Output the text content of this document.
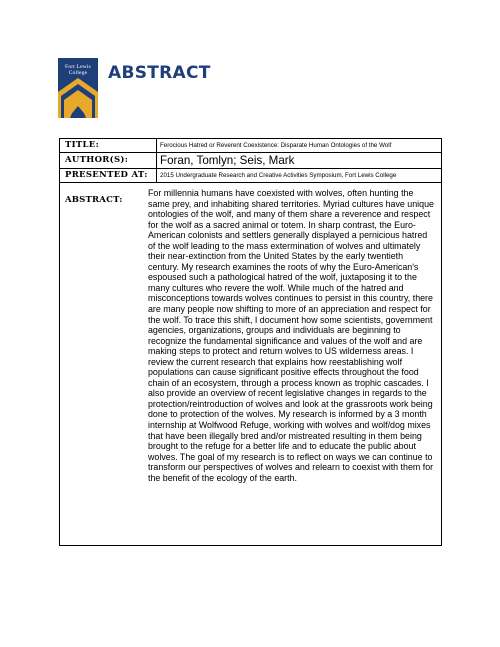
Fort Lewis College	ABSTRACT
TITLE:	Ferocious Hatred or Reverent Coexistence: Disparate Human Ontologies of the Wolf
AUTHOR(S):	Foran, Tomlyn; Seis, Mark
PRESENTED AT: 2015 Undergraduate Research and Creative Activities Symposium, Fort Lewis College
ABSTRACT:
For millennia humans have coexisted with wolves, often hunting the same prey, and inhabiting shared territories. Myriad cultures have unique ontologies of the wolf, and many of them share a reverence and respect for the wolf as a sacred animal or totem. In sharp contrast, the Euro-American colonists and settlers generally displayed a pernicious hatred of the wolf leading to the mass extermination of wolves and ultimately their near-extinction from the United States by the early twentieth century. My research examines the roots of why the Euro-American's espoused such a pathological hatred of the wolf, juxtaposing it to the many cultures who revere the wolf. While much of the hatred and misconceptions towards wolves continues to persist in this country, there are many people now shifting to more of an appreciation and respect for the wolf. To trace this shift, I document how some scientists, government agencies, organizations, groups and individuals are beginning to recognize the fundamental significance and values of the wolf and are making steps to protect and return wolves to US wilderness areas. I review the current research that explains how reestablishing wolf populations can cause significant positive effects throughout the food chain of an ecosystem, through a process known as trophic cascades. I also provide an overview of recent legislative changes in regards to the protection/reintroduction of wolves and look at the grassroots work being done to protection of the wolves. My research is informed by a 3 month internship at Wolfwood Refuge, working with wolves and wolf/dog mixes that have been illegally bred and/or mistreated resulting in them being brought to the refuge for a better life and to educate the public about wolves. The goal of my research is to reflect on ways we can continue to transform our perspectives of wolves and relearn to coexist with them for the benefit of the ecology of the earth.
